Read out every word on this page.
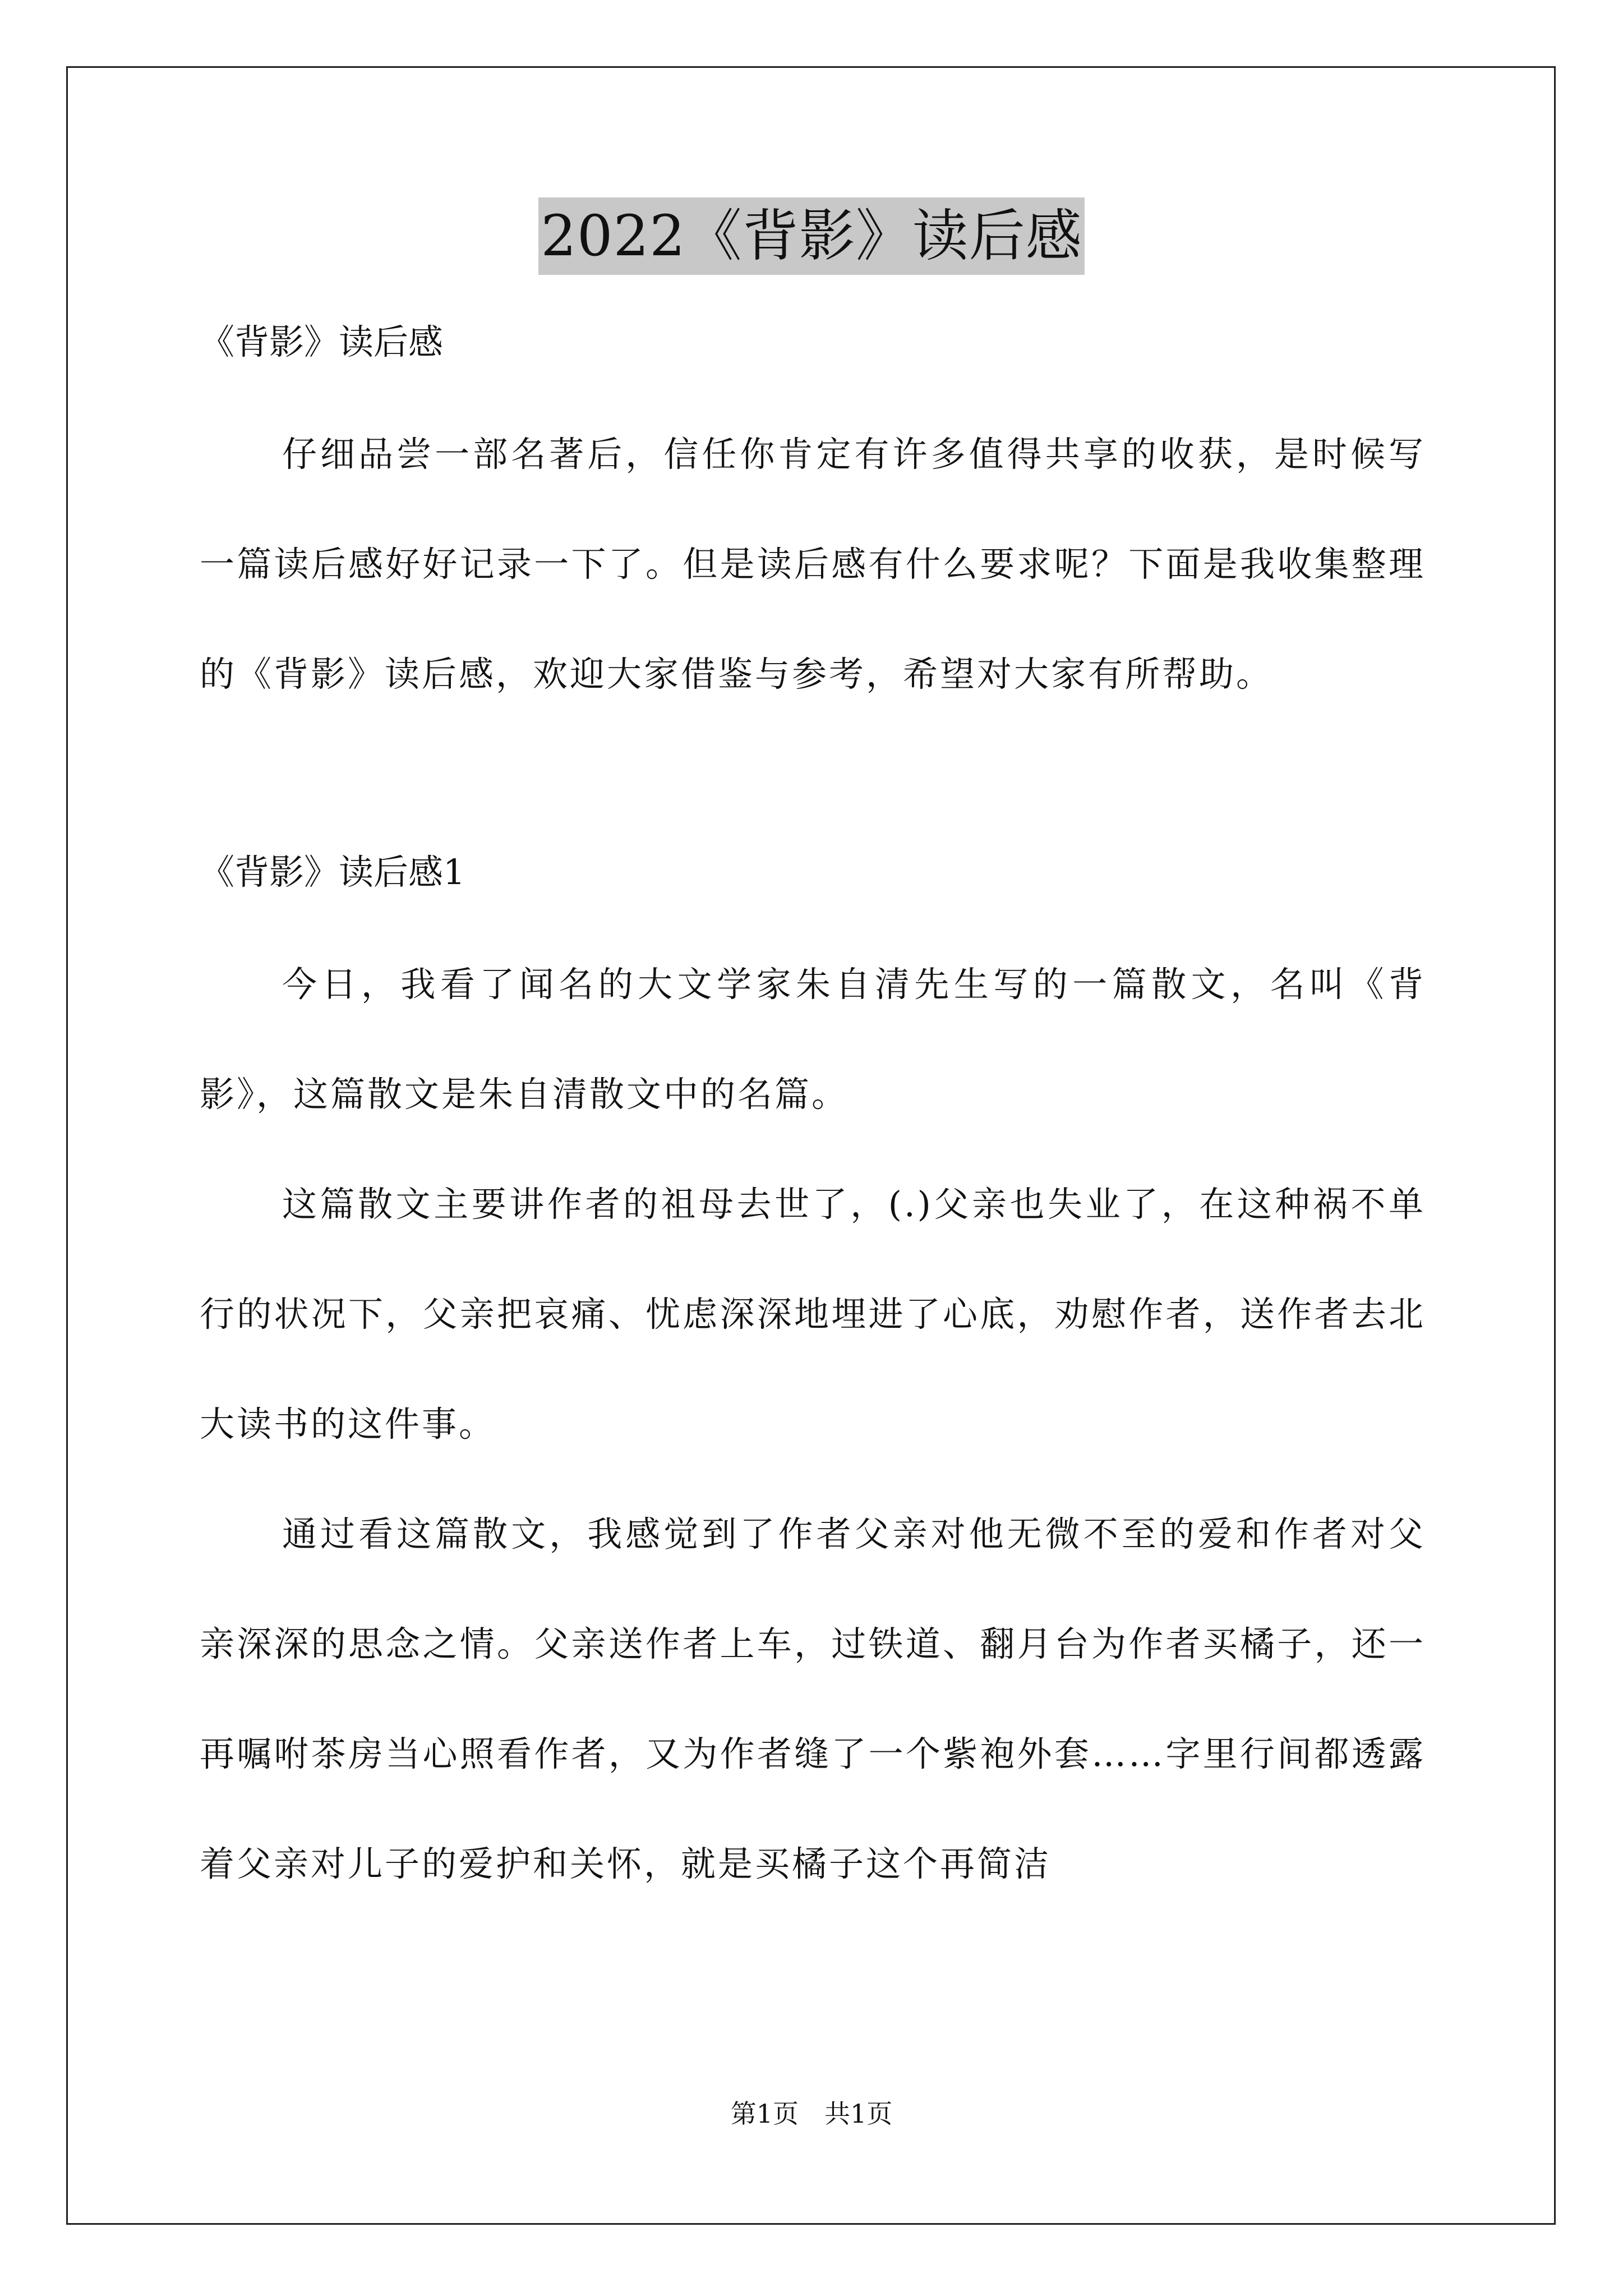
2022《背影》读后感

《背影》读后感

仔细品尝一部名著后，信任你肯定有许多值得共享的收获，是时候写一篇读后感好好记录一下了。但是读后感有什么要求呢？下面是我收集整理的《背影》读后感，欢迎大家借鉴与参考，希望对大家有所帮助。

《背影》读后感1

今日，我看了闻名的大文学家朱自清先生写的一篇散文，名叫《背影》，这篇散文是朱自清散文中的名篇。

这篇散文主要讲作者的祖母去世了，(.)父亲也失业了，在这种祸不单行的状况下，父亲把哀痛、忧虑深深地埋进了心底，劝慰作者，送作者去北大读书的这件事。

通过看这篇散文，我感觉到了作者父亲对他无微不至的爱和作者对父亲深深的思念之情。父亲送作者上车，过铁道、翻月台为作者买橘子，还一再嘱咐茶房当心照看作者，又为作者缝了一个紫袍外套……字里行间都透露着父亲对儿子的爱护和关怀，就是买橘子这个再简洁

第1页　共1页
